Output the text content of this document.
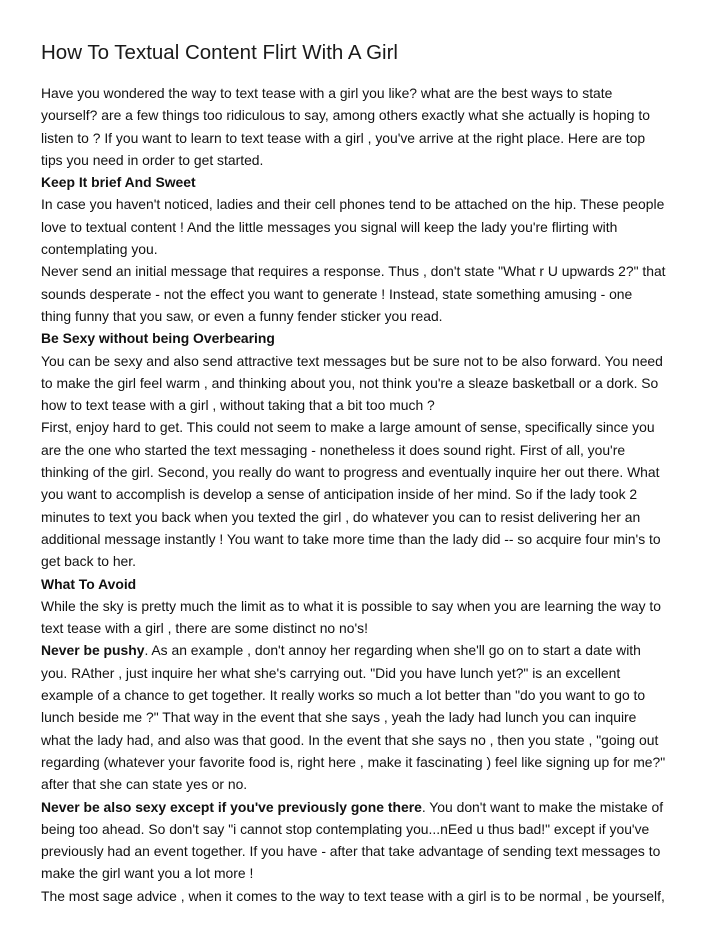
How To Textual Content Flirt With A Girl
Have you wondered the way to text tease with a girl you like? what are the best ways to state
yourself? are a few things too ridiculous to say, among others exactly what she actually is hoping to
listen to ? If you want to learn to text tease with a girl , you've arrive at the right place. Here are top
tips you need in order to get started.
Keep It brief And Sweet
In case you haven't noticed, ladies and their cell phones tend to be attached on the hip. These people
love to textual content ! And the little messages you signal will keep the lady you're flirting with
contemplating you.
Never send an initial message that requires a response. Thus , don't state "What r U upwards 2?" that
sounds desperate - not the effect you want to generate ! Instead, state something amusing - one
thing funny that you saw, or even a funny fender sticker you read.
Be Sexy without being Overbearing
You can be sexy and also send attractive text messages but be sure not to be also forward. You need
to make the girl feel warm , and thinking about you, not think you're a sleaze basketball or a dork. So
how to text tease with a girl , without taking that a bit too much ?
First, enjoy hard to get. This could not seem to make a large amount of sense, specifically since you
are the one who started the text messaging - nonetheless it does sound right. First of all, you're
thinking of the girl. Second, you really do want to progress and eventually inquire her out there. What
you want to accomplish is develop a sense of anticipation inside of her mind. So if the lady took 2
minutes to text you back when you texted the girl , do whatever you can to resist delivering her an
additional message instantly ! You want to take more time than the lady did -- so acquire four min's to
get back to her.
What To Avoid
While the sky is pretty much the limit as to what it is possible to say when you are learning the way to
text tease with a girl , there are some distinct no no's!
Never be pushy. As an example , don't annoy her regarding when she'll go on to start a date with
you. RAther , just inquire her what she's carrying out. "Did you have lunch yet?" is an excellent
example of a chance to get together. It really works so much a lot better than "do you want to go to
lunch beside me ?" That way in the event that she says , yeah the lady had lunch you can inquire
what the lady had, and also was that good. In the event that she says no , then you state , "going out
regarding (whatever your favorite food is, right here , make it fascinating ) feel like signing up for me?"
after that she can state yes or no.
Never be also sexy except if you've previously gone there. You don't want to make the mistake of
being too ahead. So don't say "i cannot stop contemplating you...nEed u thus bad!" except if you've
previously had an event together. If you have - after that take advantage of sending text messages to
make the girl want you a lot more !
The most sage advice , when it comes to the way to text tease with a girl is to be normal , be yourself,
